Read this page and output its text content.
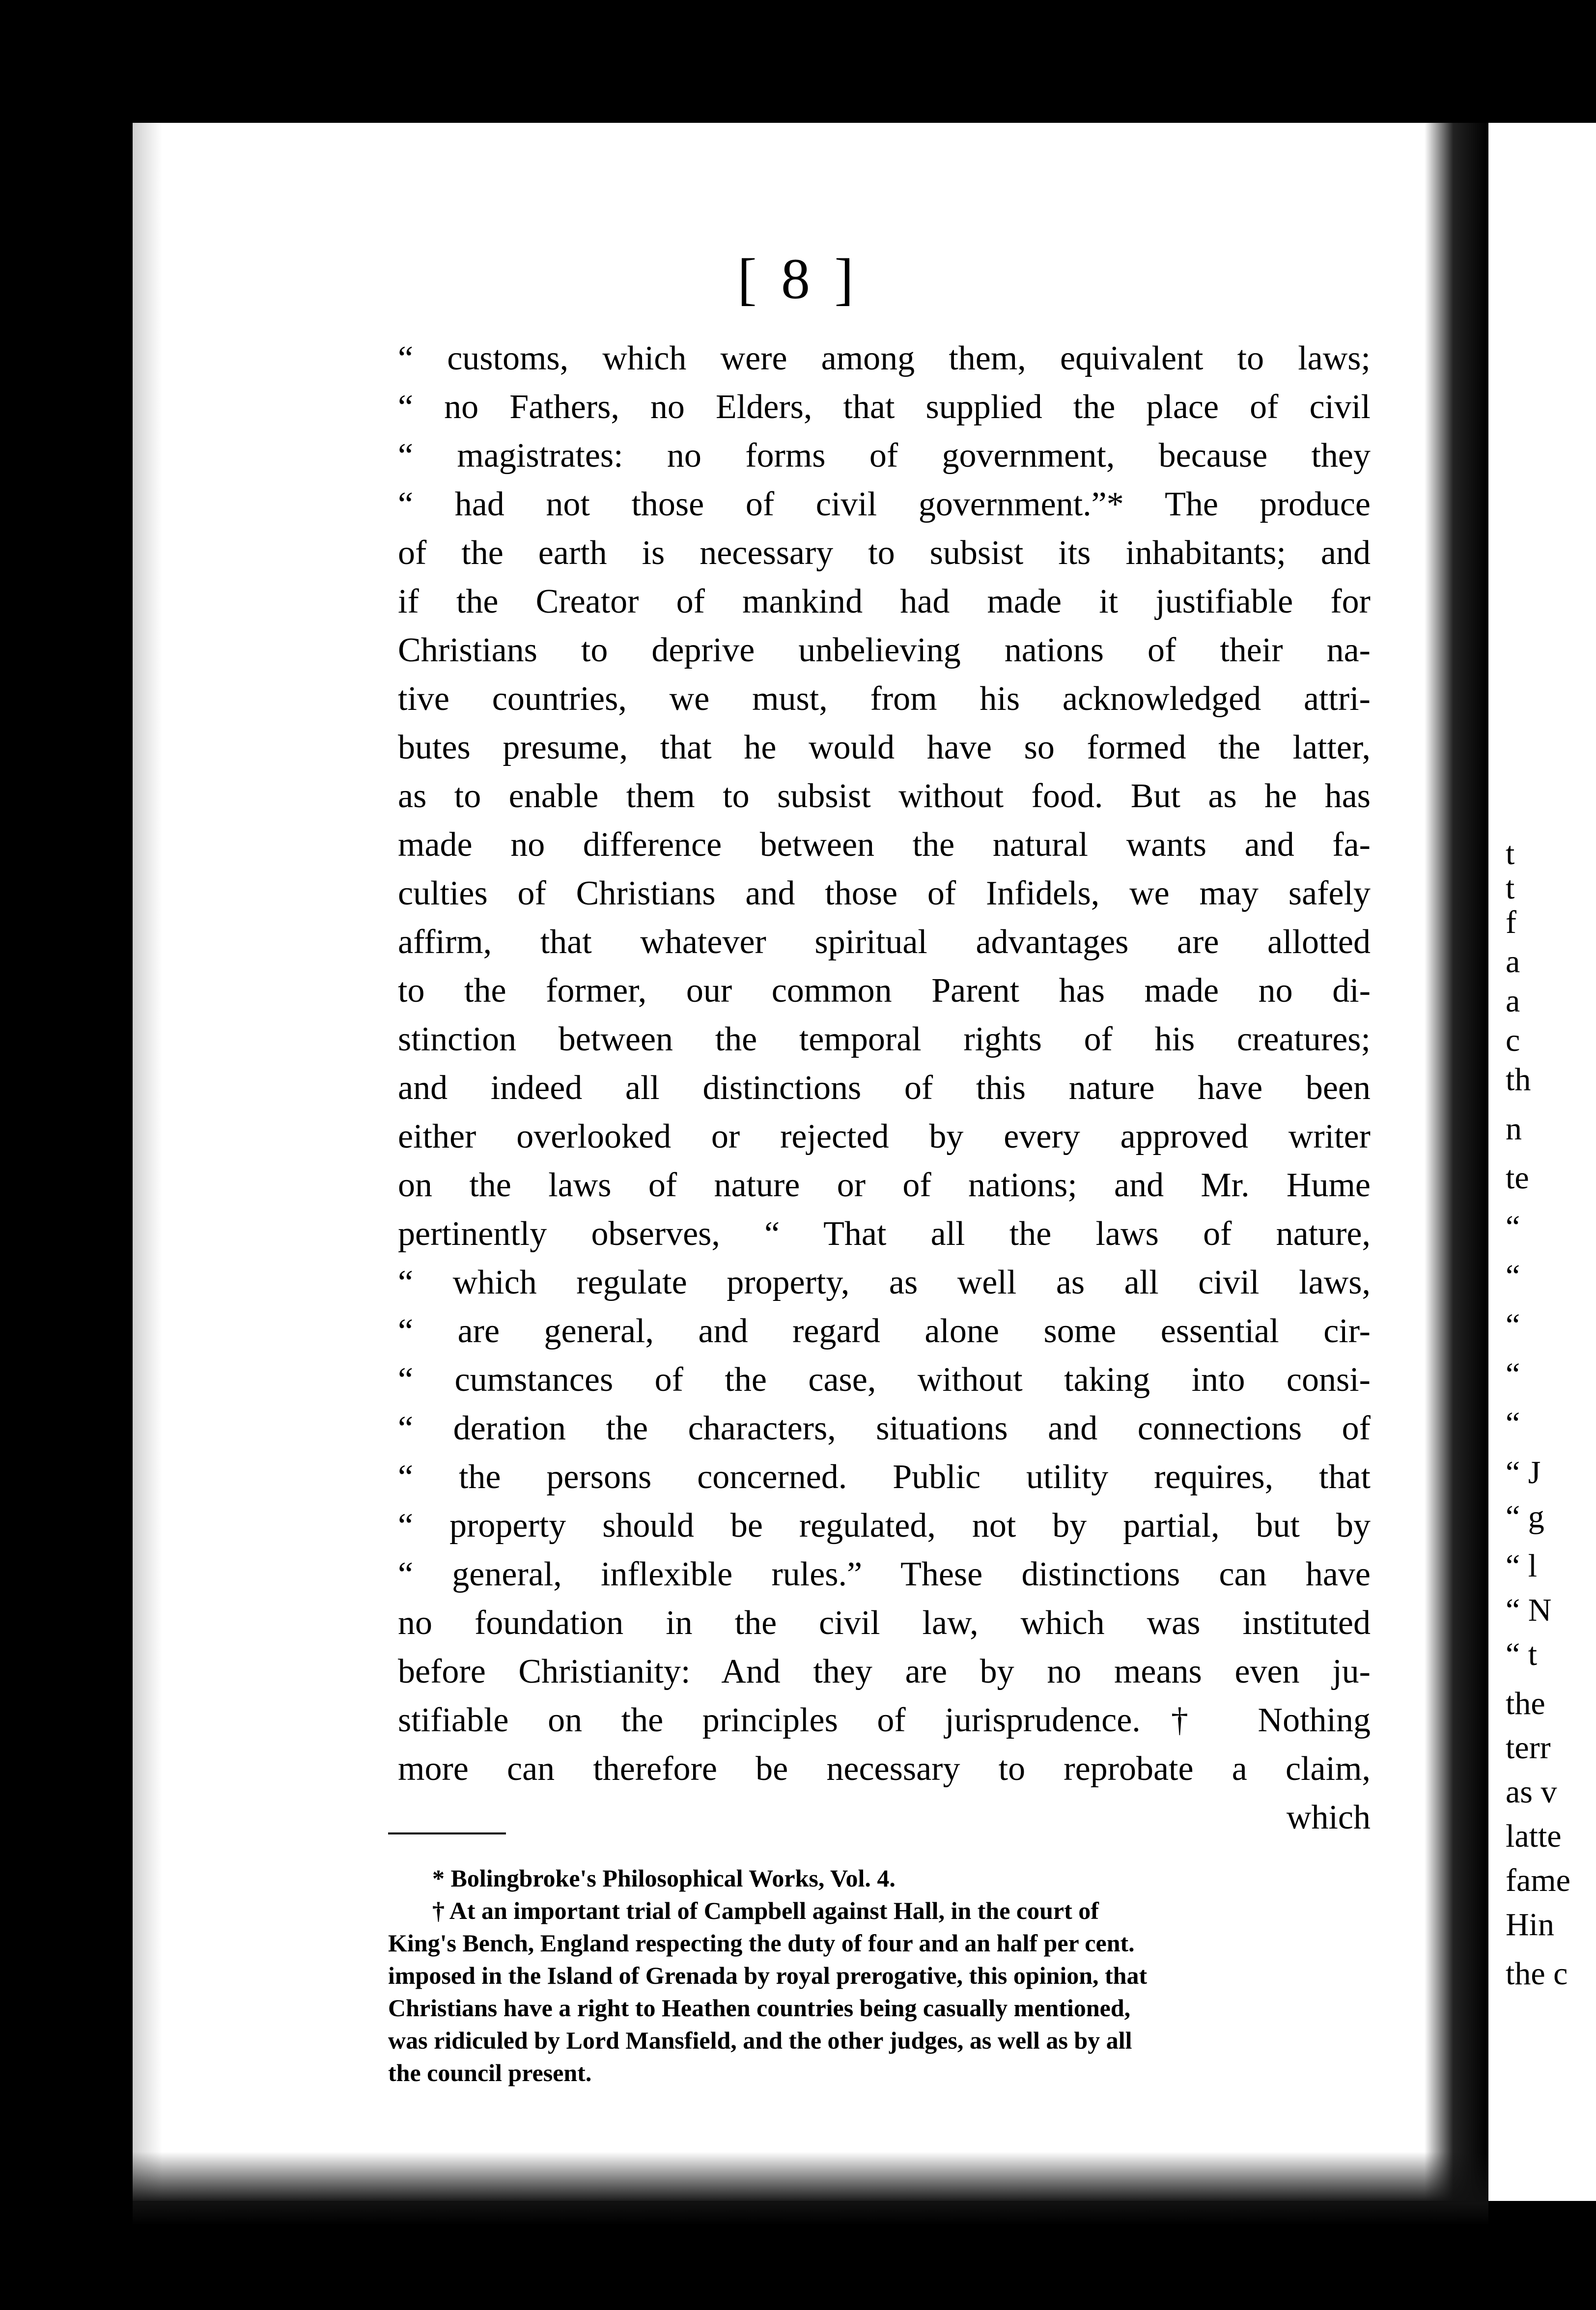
t
t
f
a
a
c
th
n
te
“
“
“
“
“
“ J
“ g
“ l
“ N
“ t
the
terr
as v
latte
fame
Hin
the c
[ 8 ]
“ customs, which were among them, equivalent to laws;
“ no Fathers, no Elders, that supplied the place of civil
“ magistrates: no forms of government, because they
“ had not those of civil government.”* The produce
of the earth is necessary to subsist its inhabitants; and
if the Creator of mankind had made it justifiable for
Christians to deprive unbelieving nations of their na-
tive countries, we must, from his acknowledged attri-
butes presume, that he would have so formed the latter,
as to enable them to subsist without food. But as he has
made no difference between the natural wants and fa-
culties of Christians and those of Infidels, we may safely
affirm, that whatever spiritual advantages are allotted
to the former, our common Parent has made no di-
stinction between the temporal rights of his creatures;
and indeed all distinctions of this nature have been
either overlooked or rejected by every approved writer
on the laws of nature or of nations; and Mr. Hume
pertinently observes, “ That all the laws of nature,
“ which regulate property, as well as all civil laws,
“ are general, and regard alone some essential cir-
“ cumstances of the case, without taking into consi-
“ deration the characters, situations and connections of
“ the persons concerned. Public utility requires, that
“ property should be regulated, not by partial, but by
“ general, inflexible rules.” These distinctions can have
no foundation in the civil law, which was instituted
before Christianity: And they are by no means even ju-
stifiable on the principles of jurisprudence.† Nothing
more can therefore be necessary to reprobate a claim,
which
* Bolingbroke's Philosophical Works, Vol. 4.
† At an important trial of Campbell against Hall, in the court of
King's Bench, England respecting the duty of four and an half per cent.
imposed in the Island of Grenada by royal prerogative, this opinion, that
Christians have a right to Heathen countries being casually mentioned,
was ridiculed by Lord Mansfield, and the other judges, as well as by all
the council present.
